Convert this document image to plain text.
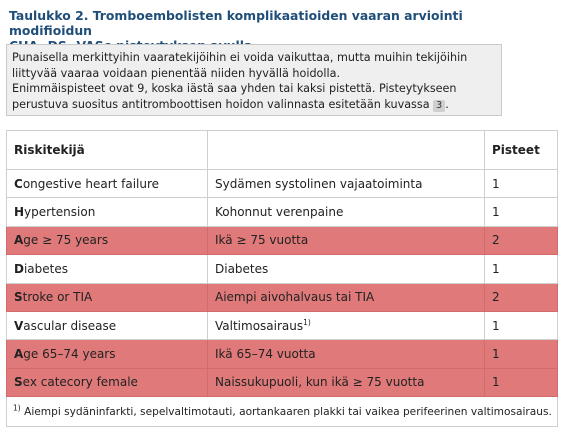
Taulukko 2. Tromboembolisten komplikaatioiden vaaran arviointi modifioidun
Punaisella merkittyihin vaaratekijöihin ei voida vaikuttaa, mutta muihin tekijöihin liittyvää vaaraa voidaan pienentää niiden hyvällä hoidolla.
Enimmäispisteet ovat 9, koska iästä saa yhden tai kaksi pistettä. Pisteytykseen perustuva suositus antitromboottisen hoidon valinnasta esitetään kuvassa 3 .
Riskitekijä		Pisteet
Congestive heart failure	Sydämen systolinen vajaatoiminta	1
Hypertension	Kohonnut verenpaine	1
Age ≥ 75 years	Ikä ≥ 75 vuotta	2
Diabetes	Diabetes	1
Stroke or TIA	Aiempi aivohalvaus tai TIA	2
Vascular disease	Valtimosairaus$^{1)}$	1
Age 65–74 years	Ikä 65–74 vuotta	1
Sex catecory female	Naissukupuoli, kun ikä ≥ 75 vuotta	1
$^{1)}$ Aiempi sydäninfarkti, sepelvaltimotauti, aortankaaren plakki tai vaikea perifeerinen valtimosairaus.		
